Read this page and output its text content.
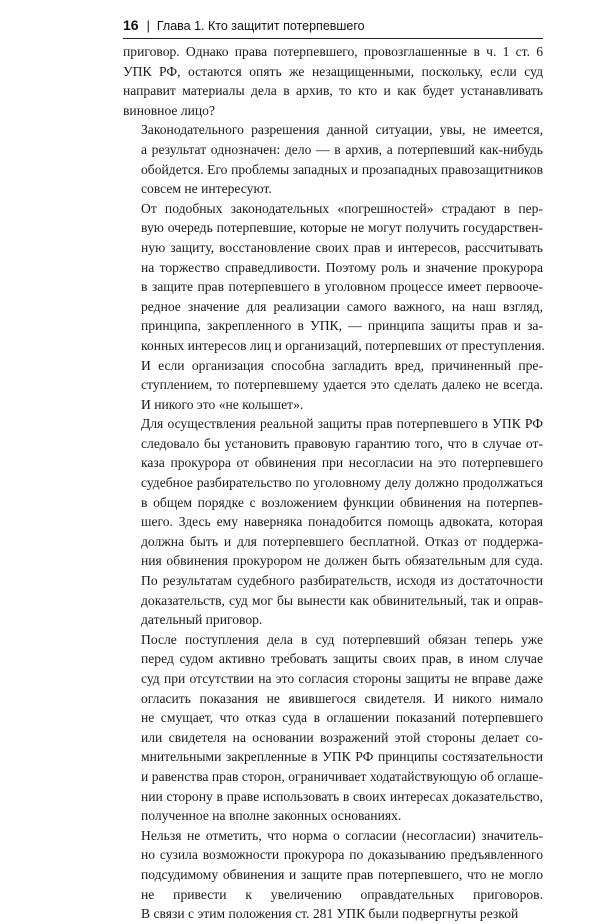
16 | Глава 1. Кто защитит потерпевшего

приговор. Однако права потерпевшего, провозглашенные в ч. 1 ст. 6
УПК РФ, остаются опять же незащищенными, поскольку, если суд
направит материалы дела в архив, то кто и как будет устанавливать
виновное лицо?

Законодательного разрешения данной ситуации, увы, не имеется,
а результат однозначен: дело — в архив, а потерпевший как-нибудь
обойдется. Его проблемы западных и прозападных правозащитников
совсем не интересуют.

От подобных законодательных «погрешностей» страдают в пер-
вую очередь потерпевшие, которые не могут получить государствен-
ную защиту, восстановление своих прав и интересов, рассчитывать
на торжество справедливости. Поэтому роль и значение прокурора
в защите прав потерпевшего в уголовном процессе имеет первооче-
редное значение для реализации самого важного, на наш взгляд,
принципа, закрепленного в УПК, — принципа защиты прав и за-
конных интересов лиц и организаций, потерпевших от преступления.
И если организация способна загладить вред, причиненный пре-
ступлением, то потерпевшему удается это сделать далеко не всегда.
И никого это «не колышет».

Для осуществления реальной защиты прав потерпевшего в УПК РФ
следовало бы установить правовую гарантию того, что в случае от-
каза прокурора от обвинения при несогласии на это потерпевшего
судебное разбирательство по уголовному делу должно продолжаться
в общем порядке с возложением функции обвинения на потерпев-
шего. Здесь ему наверняка понадобится помощь адвоката, которая
должна быть и для потерпевшего бесплатной. Отказ от поддержа-
ния обвинения прокурором не должен быть обязательным для суда.
По результатам судебного разбирательств, исходя из достаточности
доказательств, суд мог бы вынести как обвинительный, так и оправ-
дательный приговор.

После поступления дела в суд потерпевший обязан теперь уже
перед судом активно требовать защиты своих прав, в ином случае
суд при отсутствии на это согласия стороны защиты не вправе даже
огласить показания не явившегося свидетеля. И никого нимало
не смущает, что отказ суда в оглашении показаний потерпевшего
или свидетеля на основании возражений этой стороны делает со-
мнительными закрепленные в УПК РФ принципы состязательности
и равенства прав сторон, ограничивает ходатайствующую об оглаше-
нии сторону в праве использовать в своих интересах доказательство,
полученное на вполне законных основаниях.

Нельзя не отметить, что норма о согласии (несогласии) значитель-
но сузила возможности прокурора по доказыванию предъявленного
подсудимому обвинения и защите прав потерпевшего, что не могло
не привести к увеличению оправдательных приговоров.
В связи с этим положения ст. 281 УПК были подвергнуты резкой
